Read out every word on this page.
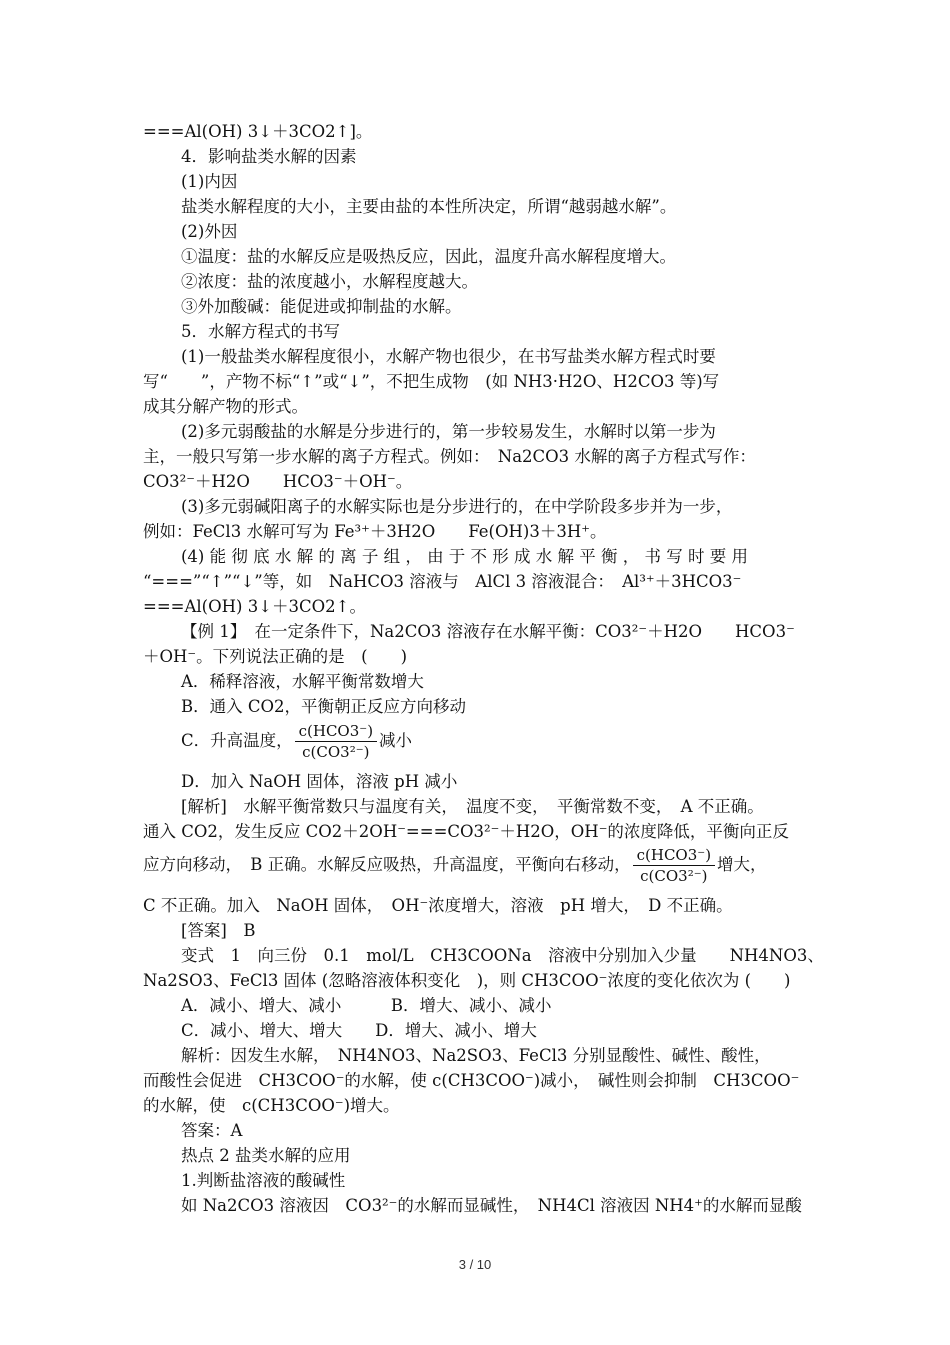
===Al(OH) 3↓＋3CO2↑]。
4．影响盐类水解的因素
(1)内因
盐类水解程度的大小，主要由盐的本性所决定，所谓“越弱越水解”。
(2)外因
①温度：盐的水解反应是吸热反应，因此，温度升高水解程度增大。
②浓度：盐的浓度越小，水解程度越大。
③外加酸碱：能促进或抑制盐的水解。
5．水解方程式的书写
(1)一般盐类水解程度很小，水解产物也很少，在书写盐类水解方程式时要
写“　　”，产物不标“↑”或“↓”，不把生成物　(如 NH3·H2O、H2CO3 等)写
成其分解产物的形式。
(2)多元弱酸盐的水解是分步进行的，第一步较易发生，水解时以第一步为
主，一般只写第一步水解的离子方程式。例如：　Na2CO3 水解的离子方程式写作：
CO3²⁻＋H2O　　HCO3⁻＋OH⁻。
(3)多元弱碱阳离子的水解实际也是分步进行的，在中学阶段多步并为一步，
例如：FeCl3 水解可写为 Fe³⁺＋3H2O　　Fe(OH)3＋3H⁺。
(4) 能 彻 底 水 解 的 离 子 组 ， 由 于 不 形 成 水 解 平 衡 ， 书 写 时 要 用
“===”“↑”“↓”等，如　NaHCO3 溶液与　AlCl 3 溶液混合：　Al³⁺＋3HCO3⁻
===Al(OH) 3↓＋3CO2↑。
【例 1】　在一定条件下，Na2CO3 溶液存在水解平衡：CO3²⁻＋H2O　　HCO3⁻
＋OH⁻。下列说法正确的是　(　　)
A．稀释溶液，水解平衡常数增大
B．通入 CO2，平衡朝正反应方向移动
C．升高温度， $\frac{\text{c(HCO3⁻)}}{\text{c(CO3²⁻)}}$ 减小
D．加入 NaOH 固体，溶液 pH 减小
[解析]　水解平衡常数只与温度有关，　温度不变，　平衡常数不变，　A 不正确。
通入 CO2，发生反应 CO2＋2OH⁻===CO3²⁻＋H2O，OH⁻的浓度降低，平衡向正反
应方向移动，　B 正确。水解反应吸热，升高温度，平衡向右移动， $\frac{\text{c(HCO3⁻)}}{\text{c(CO3²⁻)}}$ 增大，
C 不正确。加入　NaOH 固体，　OH⁻浓度增大，溶液　pH 增大，　D 不正确。
[答案]　B
变式　1　向三份　0.1　mol/L　CH3COONa　溶液中分别加入少量　　NH4NO3、
Na2SO3、FeCl3 固体 (忽略溶液体积变化　)，则 CH3COO⁻浓度的变化依次为 (　　)
A．减小、增大、减小　　　B．增大、减小、减小
C．减小、增大、增大　　D．增大、减小、增大
解析：因发生水解，　NH4NO3、Na2SO3、FeCl3 分别显酸性、碱性、酸性，
而酸性会促进　CH3COO⁻的水解，使 c(CH3COO⁻)减小，　碱性则会抑制　CH3COO⁻
的水解，使　c(CH3COO⁻)增大。
答案：A
热点 2 盐类水解的应用
1.判断盐溶液的酸碱性
如 Na2CO3 溶液因　CO3²⁻的水解而显碱性，　NH4Cl 溶液因 NH4⁺的水解而显酸
3 / 10
